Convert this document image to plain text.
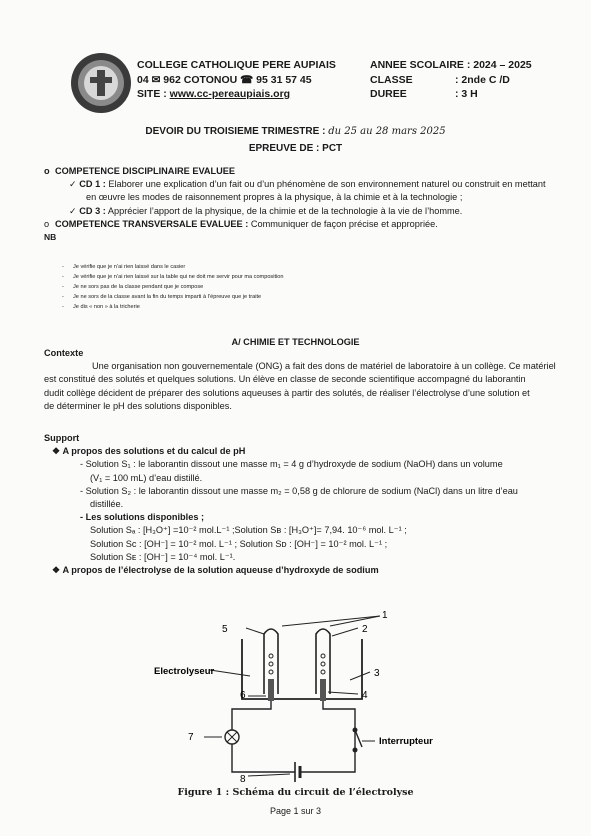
COLLEGE CATHOLIQUE PERE AUPIAIS
04 ✉ 962 COTONOU ☎ 95 31 57 45
SITE : www.cc-pereaupiais.org
ANNEE SCOLAIRE : 2024 – 2025
CLASSE	: 2nde C /D
DUREE	: 3 H
DEVOIR DU TROISIEME TRIMESTRE : du 25 au 28 mars 2025
EPREUVE DE : PCT
o COMPETENCE DISCIPLINAIRE EVALUEE
✓ CD 1 : Elaborer une explication d’un fait ou d’un phénomène de son environnement naturel ou construit en mettant
en œuvre les modes de raisonnement propres à la physique, à la chimie et à la technologie ;
✓ CD 3 : Apprécier l’apport de la physique, de la chimie et de la technologie à la vie de l’homme.
o COMPETENCE TRANSVERSALE EVALUEE : Communiquer de façon précise et appropriée.
NB
- Je vérifie que je n’ai rien laissé dans le casier
- Je vérifie que je n’ai rien laissé sur la table qui ne doit me servir pour ma composition
- Je ne sors pas de la classe pendant que je compose
- Je ne sors de la classe avant la fin du temps imparti à l’épreuve que je traite
- Je dis « non » à la tricherie
A/ CHIMIE ET TECHNOLOGIE
Contexte
Une organisation non gouvernementale (ONG) a fait des dons de matériel de laboratoire à un collège. Ce matériel
est constitué des solutés et quelques solutions. Un élève en classe de seconde scientifique accompagné du laborantin
dudit collège décident de préparer des solutions aqueuses à partir des solutés, de réaliser l’électrolyse d’une solution et
de déterminer le pH des solutions disponibles.
Support
❖ A propos des solutions et du calcul de pH
- Solution S₁ : le laborantin dissout une masse m₁ = 4 g d’hydroxyde de sodium (NaOH) dans un volume
(V₁ = 100 mL) d’eau distillé.
- Solution S₂ : le laborantin dissout une masse m₂ = 0,58 g de chlorure de sodium (NaCl) dans un litre d’eau
distillée.
- Les solutions disponibles ;
Solution Sₐ : [H₃O⁺] =10⁻² mol.L⁻¹ ;Solution Sʙ : [H₃O⁺]= 7,94. 10⁻⁶ mol. L⁻¹ ;
Solution Sᴄ : [OH⁻] = 10⁻² mol. L⁻¹ ; Solution Sᴅ : [OH⁻] = 10⁻² mol. L⁻¹ ;
Solution Sᴇ : [OH⁻] = 10⁻⁴ mol. L⁻¹.
❖ A propos de l’électrolyse de la solution aqueuse d’hydroxyde de sodium
5	2
1
3
4
6
7
8
Electrolyseur
Interrupteur
Figure 1 : Schéma du circuit de l’électrolyse
Page 1 sur 3
